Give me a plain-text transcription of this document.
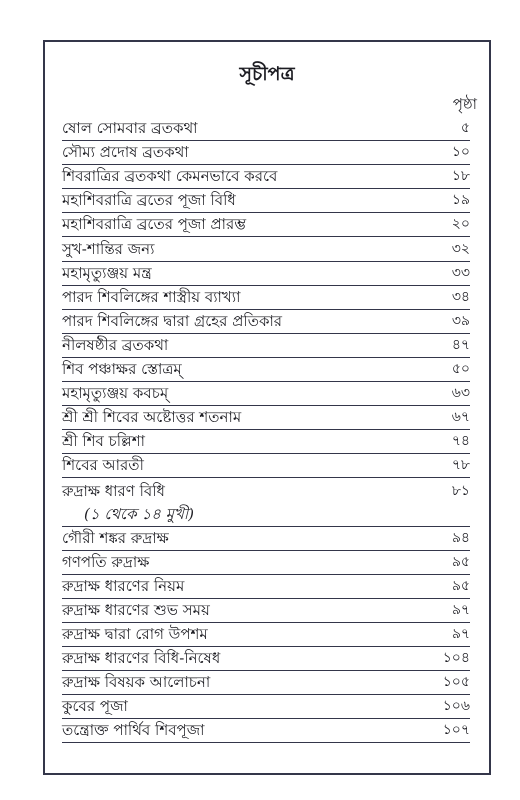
সূচীপত্র
পৃষ্ঠা
ষোল সোমবার ব্রতকথা	৫
সৌম্য প্রদোষ ব্রতকথা	১০
শিবরাত্রির ব্রতকথা কেমনভাবে করবে	১৮
মহাশিবরাত্রি ব্রতের পূজা বিধি	১৯
মহাশিবরাত্রি ব্রতের পূজা প্রারম্ভ	২০
সুখ-শান্তির জন্য	৩২
মহামৃত্যুঞ্জয় মন্ত্র	৩৩
পারদ শিবলিঙ্গের শাস্ত্রীয় ব্যাখ্যা	৩৪
পারদ শিবলিঙ্গের দ্বারা গ্রহের প্রতিকার	৩৯
নীলষষ্ঠীর ব্রতকথা	৪৭
শিব পঞ্চাক্ষর স্তোত্রম্	৫০
মহামৃত্যুঞ্জয় কবচম্	৬৩
শ্রী শ্রী শিবের অষ্টোত্তর শতনাম	৬৭
শ্রী শিব চল্লিশা	৭৪
শিবের আরতী	৭৮
রুদ্রাক্ষ ধারণ বিধি	৮১
(১ থেকে ১৪ মুখী)
গৌরী শঙ্কর রুদ্রাক্ষ	৯৪
গণপতি রুদ্রাক্ষ	৯৫
রুদ্রাক্ষ ধারণের নিয়ম	৯৫
রুদ্রাক্ষ ধারণের শুভ সময়	৯৭
রুদ্রাক্ষ দ্বারা রোগ উপশম	৯৭
রুদ্রাক্ষ ধারণের বিধি-নিষেধ	১০৪
রুদ্রাক্ষ বিষয়ক আলোচনা	১০৫
কুবের পূজা	১০৬
তন্ত্রোক্ত পার্থিব শিবপূজা	১০৭
